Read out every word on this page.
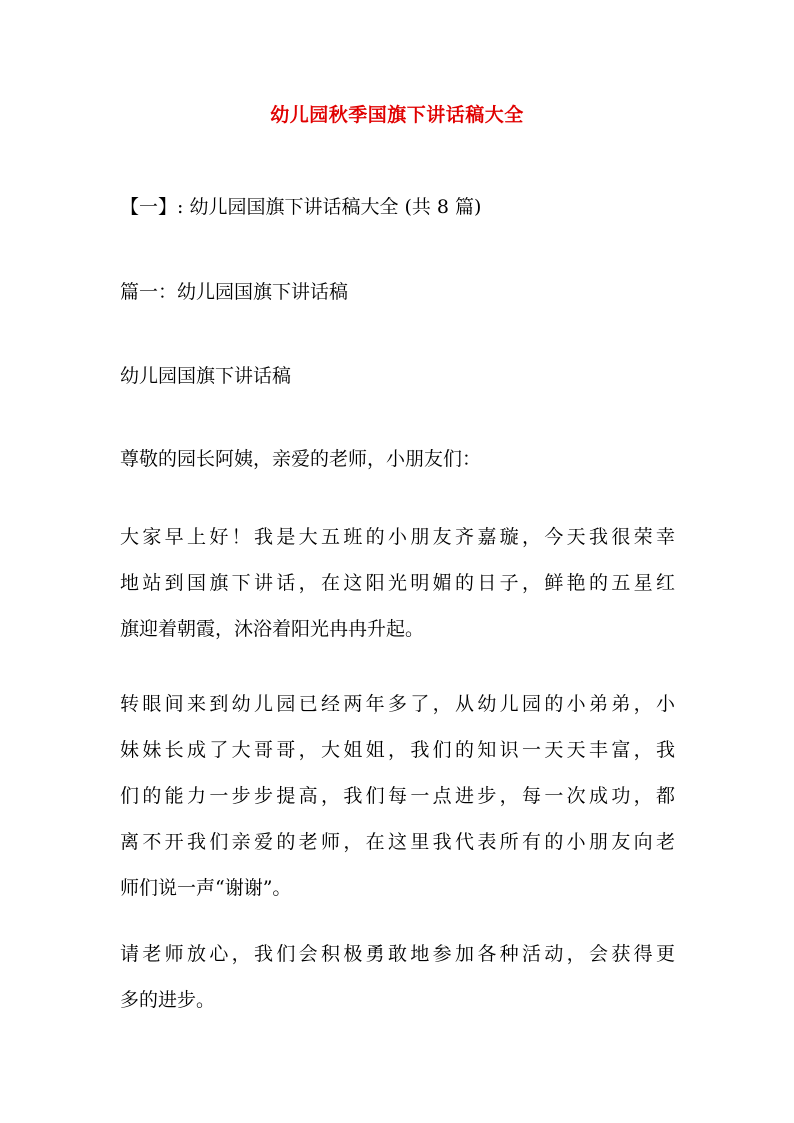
幼儿园秋季国旗下讲话稿大全
【一】: 幼儿园国旗下讲话稿大全 (共 8 篇)
篇一：幼儿园国旗下讲话稿
幼儿园国旗下讲话稿
尊敬的园长阿姨，亲爱的老师，小朋友们：
大家早上好！我是大五班的小朋友齐嘉璇，今天我很荣幸
地站到国旗下讲话，在这阳光明媚的日子，鲜艳的五星红
旗迎着朝霞，沐浴着阳光冉冉升起。
转眼间来到幼儿园已经两年多了，从幼儿园的小弟弟，小
妹妹长成了大哥哥，大姐姐，我们的知识一天天丰富，我
们的能力一步步提高，我们每一点进步，每一次成功，都
离不开我们亲爱的老师，在这里我代表所有的小朋友向老
师们说一声“谢谢”。
请老师放心，我们会积极勇敢地参加各种活动，会获得更
多的进步。
